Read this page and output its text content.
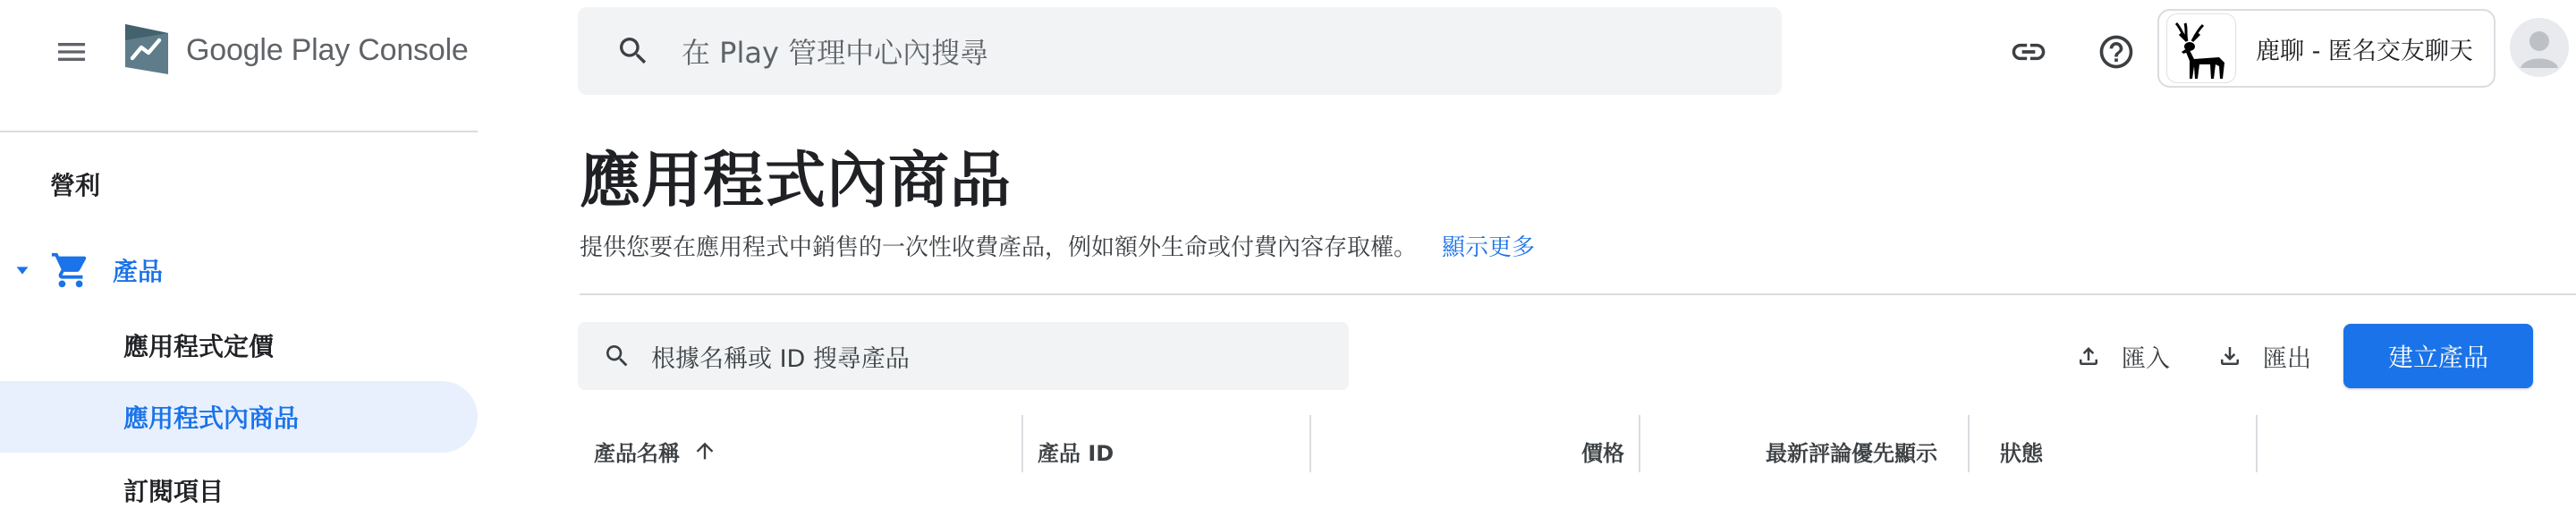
Google Play Console	在 Play 管理中心內搜尋	鹿聊 - 匿名交友聊天
營利
產品
應用程式定價
應用程式內商品
訂閱項目
應用程式內商品
提供您要在應用程式中銷售的一次性收費產品，例如額外生命或付費內容存取權。 顯示更多
根據名稱或 ID 搜尋產品	匯入	匯出	建立產品
產品名稱	產品 ID	價格	最新評論優先顯示	狀態
